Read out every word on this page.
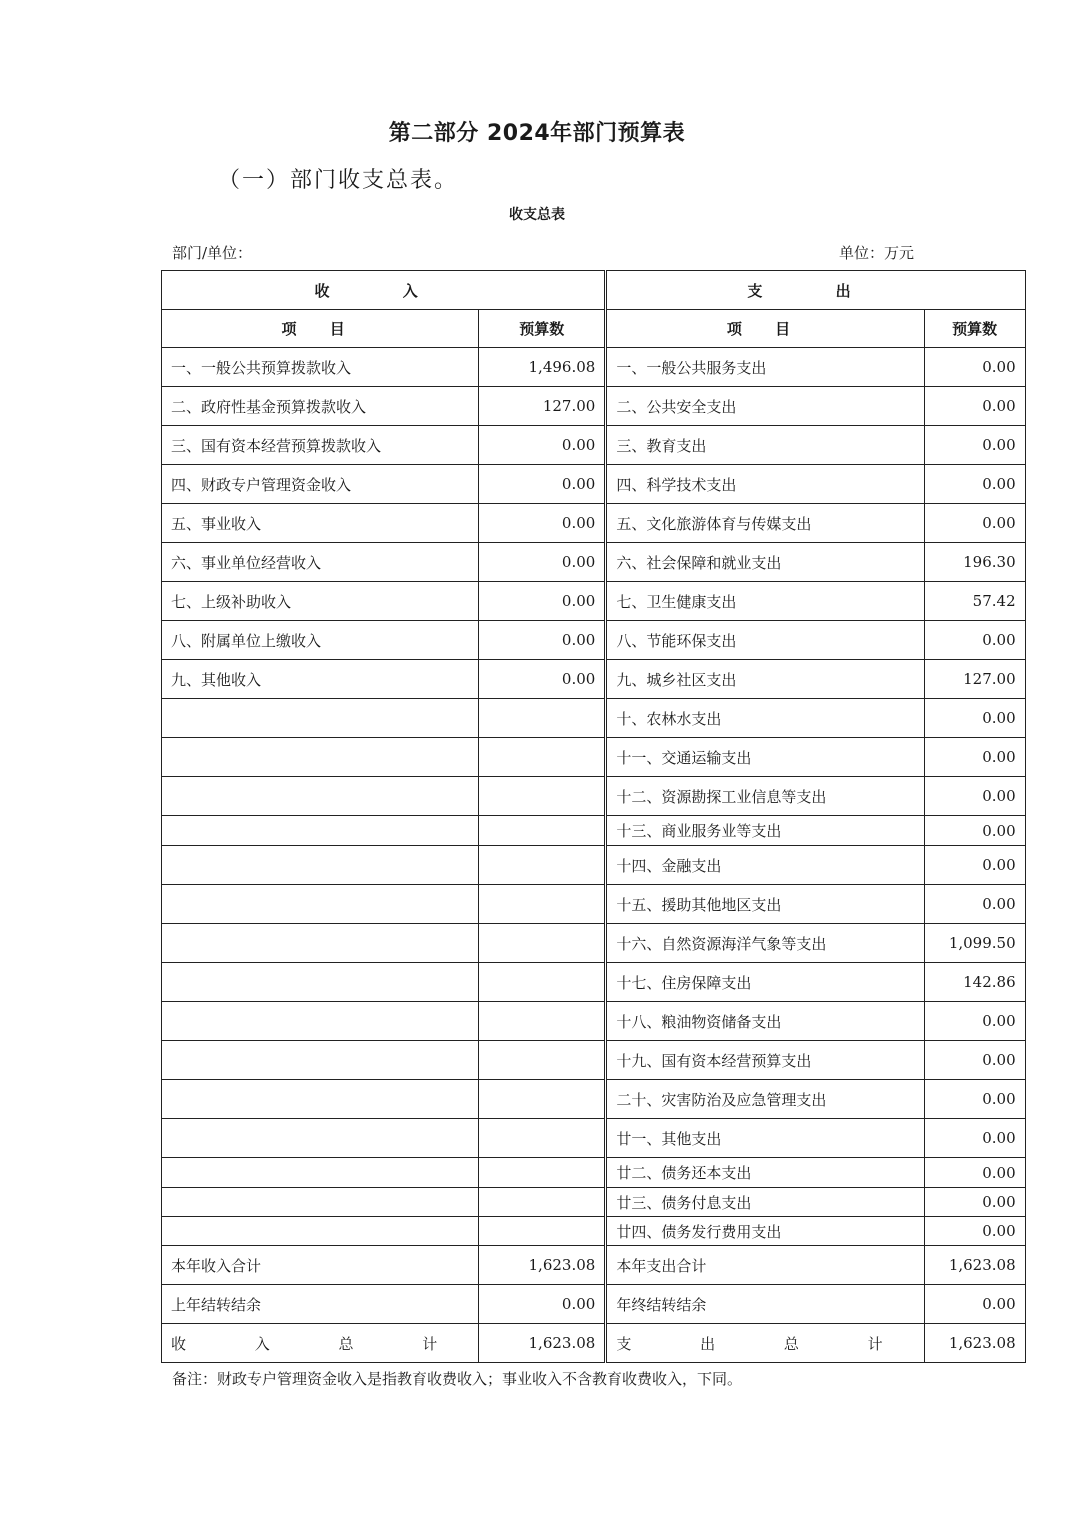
第二部分 2024年部门预算表
（一）部门收支总表。
收支总表
部门/单位：	单位：万元
收 入			支 出	
项 目	预算数		项 目	预算数
一、一般公共预算拨款收入	1,496.08		一、一般公共服务支出	0.00
二、政府性基金预算拨款收入	127.00		二、公共安全支出	0.00
三、国有资本经营预算拨款收入	0.00		三、教育支出	0.00
四、财政专户管理资金收入	0.00		四、科学技术支出	0.00
五、事业收入	0.00		五、文化旅游体育与传媒支出	0.00
六、事业单位经营收入	0.00		六、社会保障和就业支出	196.30
七、上级补助收入	0.00		七、卫生健康支出	57.42
八、附属单位上缴收入	0.00		八、节能环保支出	0.00
九、其他收入	0.00		九、城乡社区支出	127.00
			十、农林水支出	0.00
			十一、交通运输支出	0.00
			十二、资源勘探工业信息等支出	0.00
			十三、商业服务业等支出	0.00
			十四、金融支出	0.00
			十五、援助其他地区支出	0.00
			十六、自然资源海洋气象等支出	1,099.50
			十七、住房保障支出	142.86
			十八、粮油物资储备支出	0.00
			十九、国有资本经营预算支出	0.00
			二十、灾害防治及应急管理支出	0.00
			廿一、其他支出	0.00
			廿二、债务还本支出	0.00
			廿三、债务付息支出	0.00
			廿四、债务发行费用支出	0.00
本年收入合计	1,623.08		本年支出合计	1,623.08
上年结转结余	0.00		年终结转结余	0.00
收 入 总 计	1,623.08		支 出 总 计	1,623.08
备注：财政专户管理资金收入是指教育收费收入；事业收入不含教育收费收入，下同。
